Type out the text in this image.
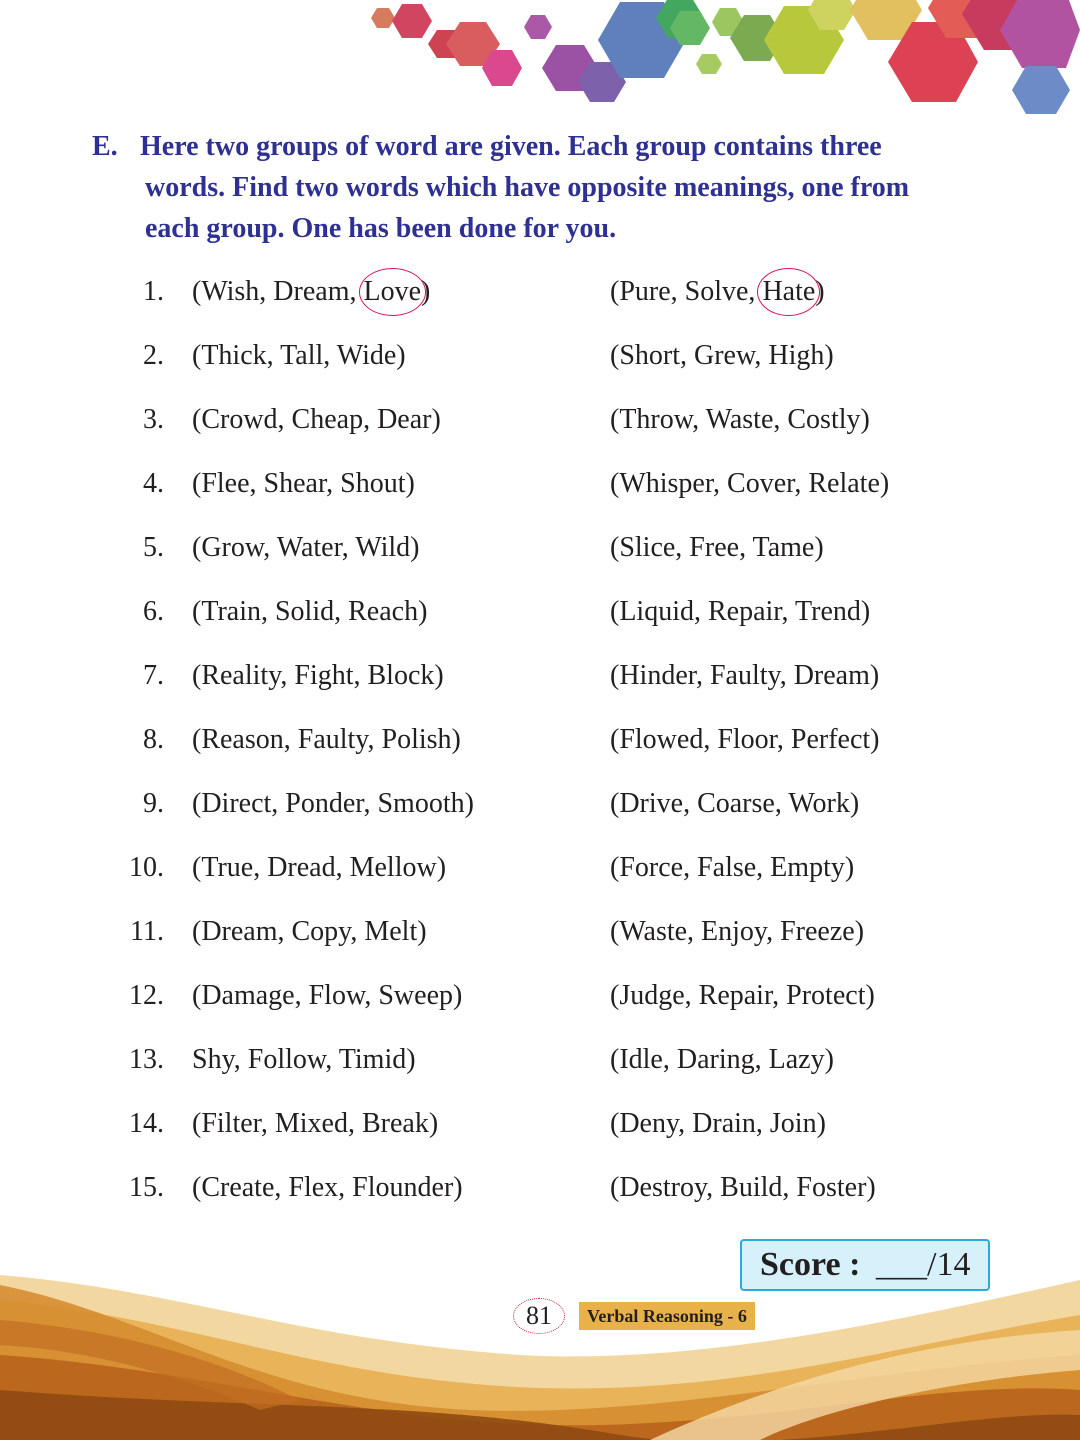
E. Here two groups of word are given. Each group contains three
words. Find two words which have opposite meanings, one from
each group. One has been done for you.
1. (Wish, Dream, Love)	(Pure, Solve, Hate)
2. (Thick, Tall, Wide)	(Short, Grew, High)
3. (Crowd, Cheap, Dear)	(Throw, Waste, Costly)
4. (Flee, Shear, Shout)	(Whisper, Cover, Relate)
5. (Grow, Water, Wild)	(Slice, Free, Tame)
6. (Train, Solid, Reach)	(Liquid, Repair, Trend)
7. (Reality, Fight, Block)	(Hinder, Faulty, Dream)
8. (Reason, Faulty, Polish)	(Flowed, Floor, Perfect)
9. (Direct, Ponder, Smooth)	(Drive, Coarse, Work)
10. (True, Dread, Mellow)	(Force, False, Empty)
11. (Dream, Copy, Melt)	(Waste, Enjoy, Freeze)
12. (Damage, Flow, Sweep)	(Judge, Repair, Protect)
13. Shy, Follow, Timid)	(Idle, Daring, Lazy)
14. (Filter, Mixed, Break)	(Deny, Drain, Join)
15. (Create, Flex, Flounder)	(Destroy, Build, Foster)
Score : ___/14
81	Verbal Reasoning - 6
